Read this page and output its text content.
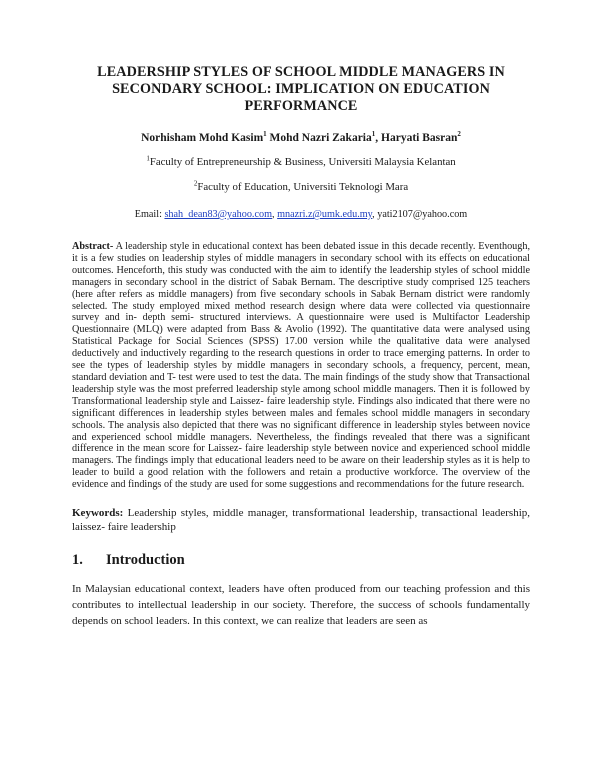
LEADERSHIP STYLES OF SCHOOL MIDDLE MANAGERS IN SECONDARY SCHOOL: IMPLICATION ON EDUCATION PERFORMANCE
Norhisham Mohd Kasim$^1$ Mohd Nazri Zakaria$^1$, Haryati Basran$^2$
$^1$Faculty of Entrepreneurship & Business, Universiti Malaysia Kelantan
$^2$Faculty of Education, Universiti Teknologi Mara
Email: shah_dean83@yahoo.com, mnazri.z@umk.edu.my, yati2107@yahoo.com

Abstract- A leadership style in educational context has been debated issue in this decade recently. Eventhough, it is a few studies on leadership styles of middle managers in secondary school with its effects on educational outcomes. Henceforth, this study was conducted with the aim to identify the leadership styles of school middle managers in secondary school in the district of Sabak Bernam. The descriptive study comprised 125 teachers (here after refers as middle managers) from five secondary schools in Sabak Bernam district were randomly selected. The study employed mixed method research design where data were collected via questionnaire survey and in- depth semi- structured interviews. A questionnaire were used is Multifactor Leadership Questionnaire (MLQ) were adapted from Bass & Avolio (1992). The quantitative data were analysed using Statistical Package for Social Sciences (SPSS) 17.00 version while the qualitative data were analysed deductively and inductively regarding to the research questions in order to trace emerging patterns. In order to see the types of leadership styles by middle managers in secondary schools, a frequency, percent, mean, standard deviation and T- test were used to test the data. The main findings of the study show that Transactional leadership style was the most preferred leadership style among school middle managers. Then it is followed by Transformational leadership style and Laissez- faire leadership style. Findings also indicated that there were no significant differences in leadership styles between males and females school middle managers in secondary schools. The analysis also depicted that there was no significant difference in leadership styles between novice and experienced school middle managers. Nevertheless, the findings revealed that there was a significant difference in the mean score for Laissez- faire leadership style between novice and experienced school middle managers. The findings imply that educational leaders need to be aware on their leadership styles as it is help to leader to build a good relation with the followers and retain a productive workforce. The overview of the evidence and findings of the study are used for some suggestions and recommendations for the future research.

Keywords: Leadership styles, middle manager, transformational leadership, transactional leadership, laissez- faire leadership

1. Introduction

In Malaysian educational context, leaders have often produced from our teaching profession and this contributes to intellectual leadership in our society. Therefore, the success of schools fundamentally depends on school leaders. In this context, we can realize that leaders are seen as
